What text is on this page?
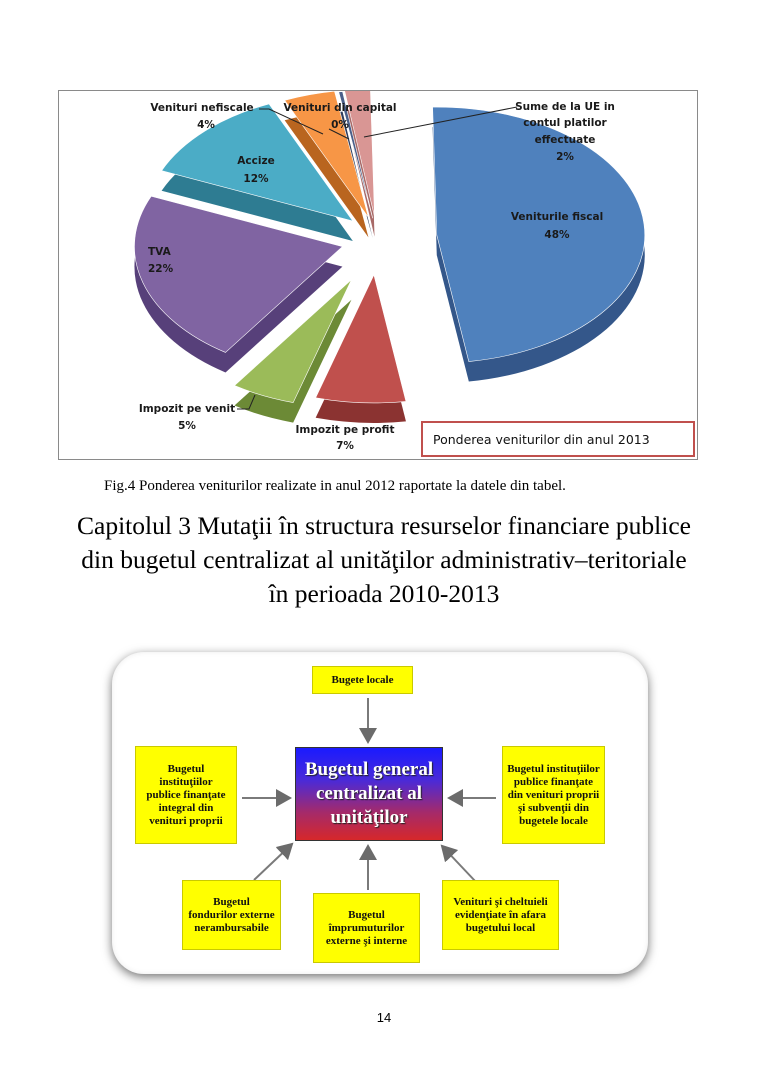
Venituri nefiscale
4%
Venituri din capital
0%
Sume de la UE in
contul platilor
effectuate
2%
Accize
12%
Veniturile fiscal
48%
TVA
22%
Impozit pe venit
5%	Impozit pe profit
7%	Ponderea veniturilor din anul 2013
Fig.4 Ponderea veniturilor realizate in anul 2012 raportate la datele din tabel.
Capitolul 3 Mutaţii în structura resurselor financiare publice
din bugetul centralizat al unităţilor administrativ–teritoriale
în perioada 2010-2013
Bugete locale
Bugetul
instituţiilor
publice finanţate
integral din
venituri proprii
Bugetul instituţiilor
publice finanţate
din venituri proprii
şi subvenţii din
bugetele locale
Bugetul
fondurilor externe
nerambursabile
Bugetul
împrumuturilor
externe şi interne
Venituri şi cheltuieli
evidenţiate în afara
bugetului local
Bugetul general
centralizat al
unităţilor
14
